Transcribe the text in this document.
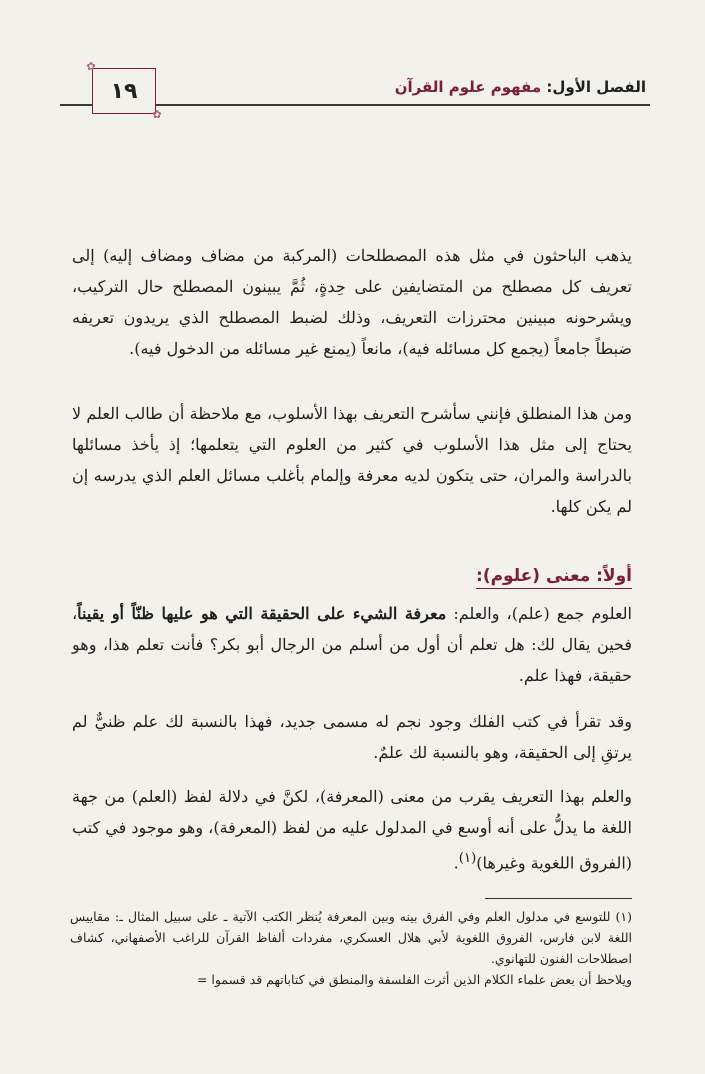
الفصل الأول: مفهوم علوم القرآن
✿
١٩
✿
يذهب الباحثون في مثل هذه المصطلحات (المركبة من مضاف ومضاف إليه) إلى تعريف كل مصطلح من المتضايفين على حِدةٍ، ثُمَّ يبينون المصطلح حال التركيب، ويشرحونه مبينين محترزات التعريف، وذلك لضبط المصطلح الذي يريدون تعريفه ضبطاً جامعاً (يجمع كل مسائله فيه)، مانعاً (يمنع غير مسائله من الدخول فيه).
ومن هذا المنطلق فإنني سأشرح التعريف بهذا الأسلوب، مع ملاحظة أن طالب العلم لا يحتاج إلى مثل هذا الأسلوب في كثير من العلوم التي يتعلمها؛ إذ يأخذ مسائلها بالدراسة والمران، حتى يتكون لديه معرفة وإلمام بأغلب مسائل العلم الذي يدرسه إن لم يكن كلها.
أولاً: معنى (علوم):
العلوم جمع (علم)، والعلم: معرفة الشيء على الحقيقة التي هو عليها ظنّاً أو يقيناً، فحين يقال لك: هل تعلم أن أول من أسلم من الرجال أبو بكر؟ فأنت تعلم هذا، وهو حقيقة، فهذا علم.
وقد تقرأ في كتب الفلك وجود نجم له مسمى جديد، فهذا بالنسبة لك علم ظنيٌّ لم يرتقِ إلى الحقيقة، وهو بالنسبة لك علمٌ.
والعلم بهذا التعريف يقرب من معنى (المعرفة)، لكنَّ في دلالة لفظ (العلم) من جهة اللغة ما يدلُّ على أنه أوسع في المدلول عليه من لفظ (المعرفة)، وهو موجود في كتب (الفروق اللغوية وغيرها)$^{(١)}$.

(١) للتوسع في مدلول العلم وفي الفرق بينه وبين المعرفة يُنظر الكتب الآتية ـ على سبيل المثال ـ: مقاييس اللغة لابن فارس، الفروق اللغوية لأبي هلال العسكري، مفردات ألفاظ القرآن للراغب الأصفهاني، كشاف اصطلاحات الفنون للتهانوي.

ويلاحظ أن بعض علماء الكلام الذين أثرت الفلسفة والمنطق في كتاباتهم قد قسموا =
